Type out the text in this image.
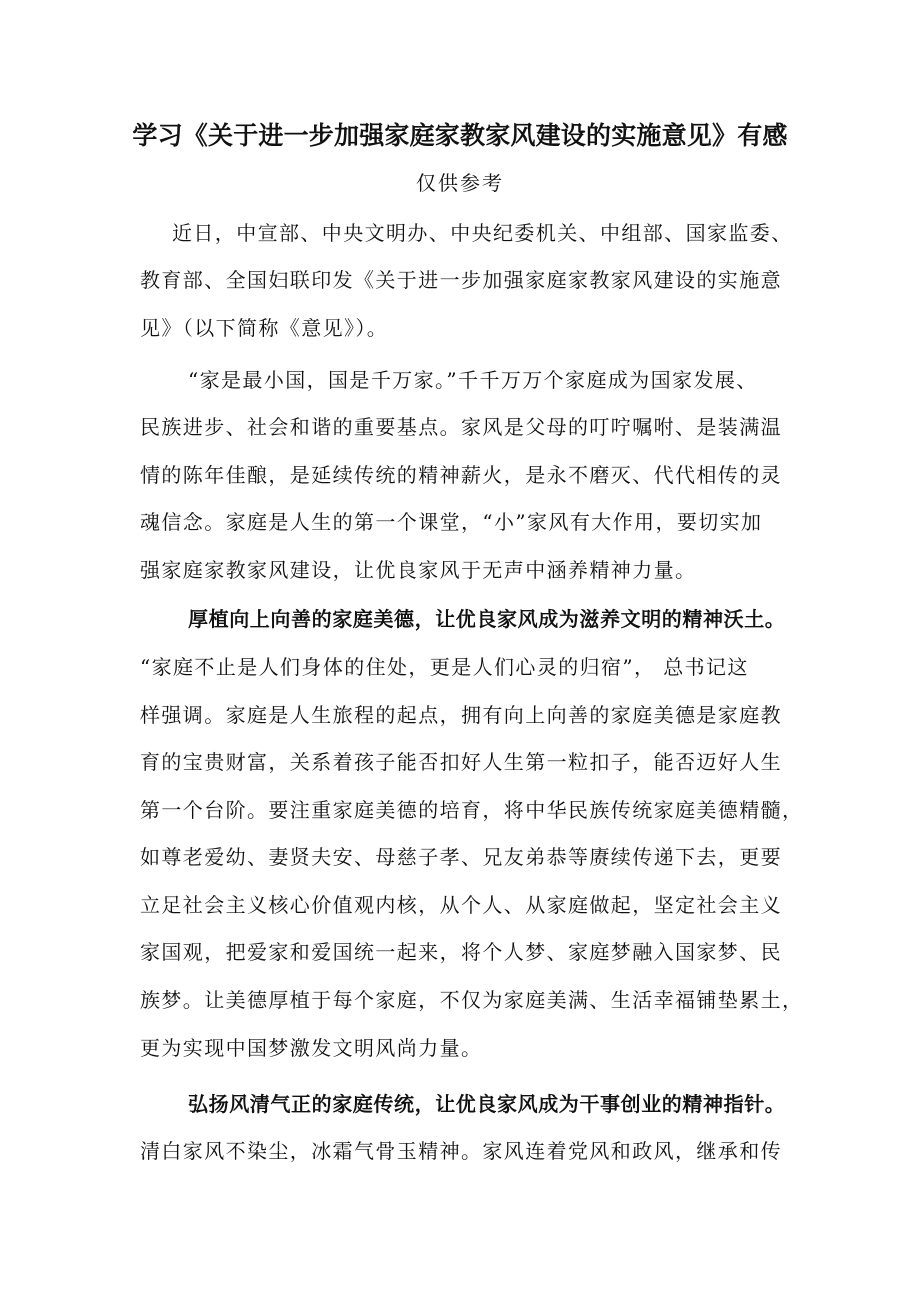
学习《关于进一步加强家庭家教家风建设的实施意见》有感
仅供参考
近日，中宣部、中央文明办、中央纪委机关、中组部、国家监委、
教育部、全国妇联印发《关于进一步加强家庭家教家风建设的实施意
见》（以下简称《意见》）。
“家是最小国，国是千万家。”千千万万个家庭成为国家发展、
民族进步、社会和谐的重要基点。家风是父母的叮咛嘱咐、是装满温
情的陈年佳酿，是延续传统的精神薪火，是永不磨灭、代代相传的灵
魂信念。家庭是人生的第一个课堂，“小”家风有大作用，要切实加
强家庭家教家风建设，让优良家风于无声中涵养精神力量。
厚植向上向善的家庭美德，让优良家风成为滋养文明的精神沃土。
“家庭不止是人们身体的住处，更是人们心灵的归宿”， 总书记这
样强调。家庭是人生旅程的起点，拥有向上向善的家庭美德是家庭教
育的宝贵财富，关系着孩子能否扣好人生第一粒扣子，能否迈好人生
第一个台阶。要注重家庭美德的培育，将中华民族传统家庭美德精髓，
如尊老爱幼、妻贤夫安、母慈子孝、兄友弟恭等赓续传递下去，更要
立足社会主义核心价值观内核，从个人、从家庭做起，坚定社会主义
家国观，把爱家和爱国统一起来，将个人梦、家庭梦融入国家梦、民
族梦。让美德厚植于每个家庭，不仅为家庭美满、生活幸福铺垫累土，
更为实现中国梦激发文明风尚力量。
弘扬风清气正的家庭传统，让优良家风成为干事创业的精神指针。
清白家风不染尘，冰霜气骨玉精神。家风连着党风和政风，继承和传
